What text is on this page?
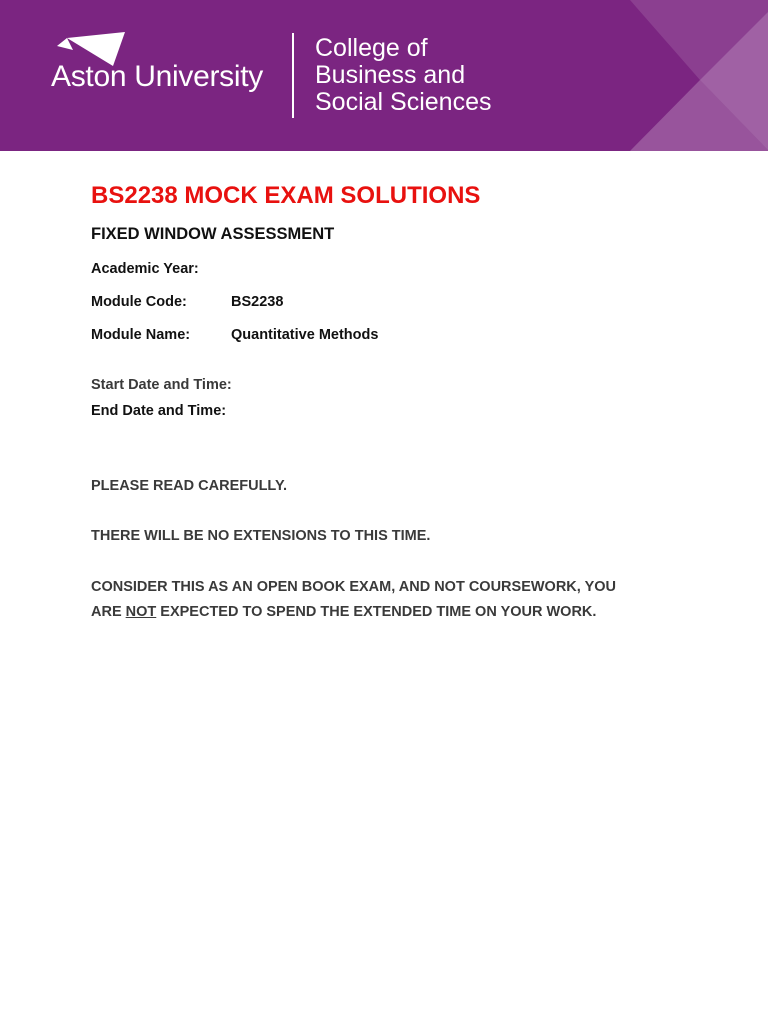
Aston University
College of
Business and
Social Sciences
BS2238 MOCK EXAM SOLUTIONS
FIXED WINDOW ASSESSMENT
Academic Year:
Module Code:	BS2238
Module Name:	Quantitative Methods
Start Date and Time:
End Date and Time:
PLEASE READ CAREFULLY.
THERE WILL BE NO EXTENSIONS TO THIS TIME.
CONSIDER THIS AS AN OPEN BOOK EXAM, AND NOT COURSEWORK, YOU
ARE NOT EXPECTED TO SPEND THE EXTENDED TIME ON YOUR WORK.
